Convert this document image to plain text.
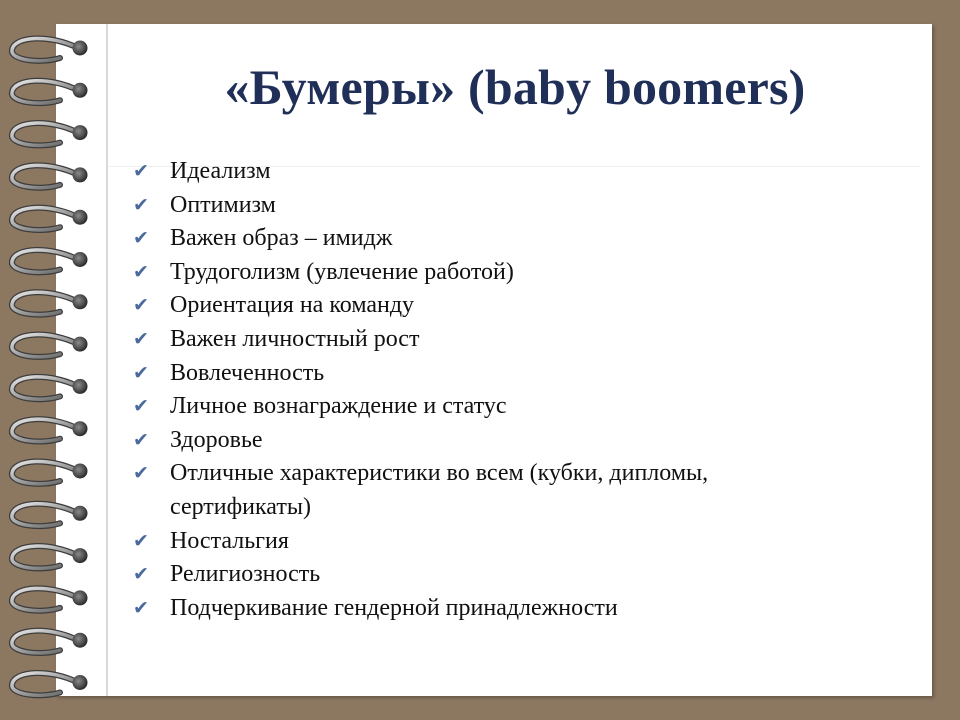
«Бумеры» (baby boomers)
✔ Идеализм
✔ Оптимизм
✔ Важен образ – имидж
✔ Трудоголизм (увлечение работой)
✔ Ориентация на команду
✔ Важен личностный рост
✔ Вовлеченность
✔ Личное вознаграждение и статус
✔ Здоровье
✔ Отличные характеристики во всем (кубки, дипломы, сертификаты)
✔ Ностальгия
✔ Религиозность
✔ Подчеркивание гендерной принадлежности
